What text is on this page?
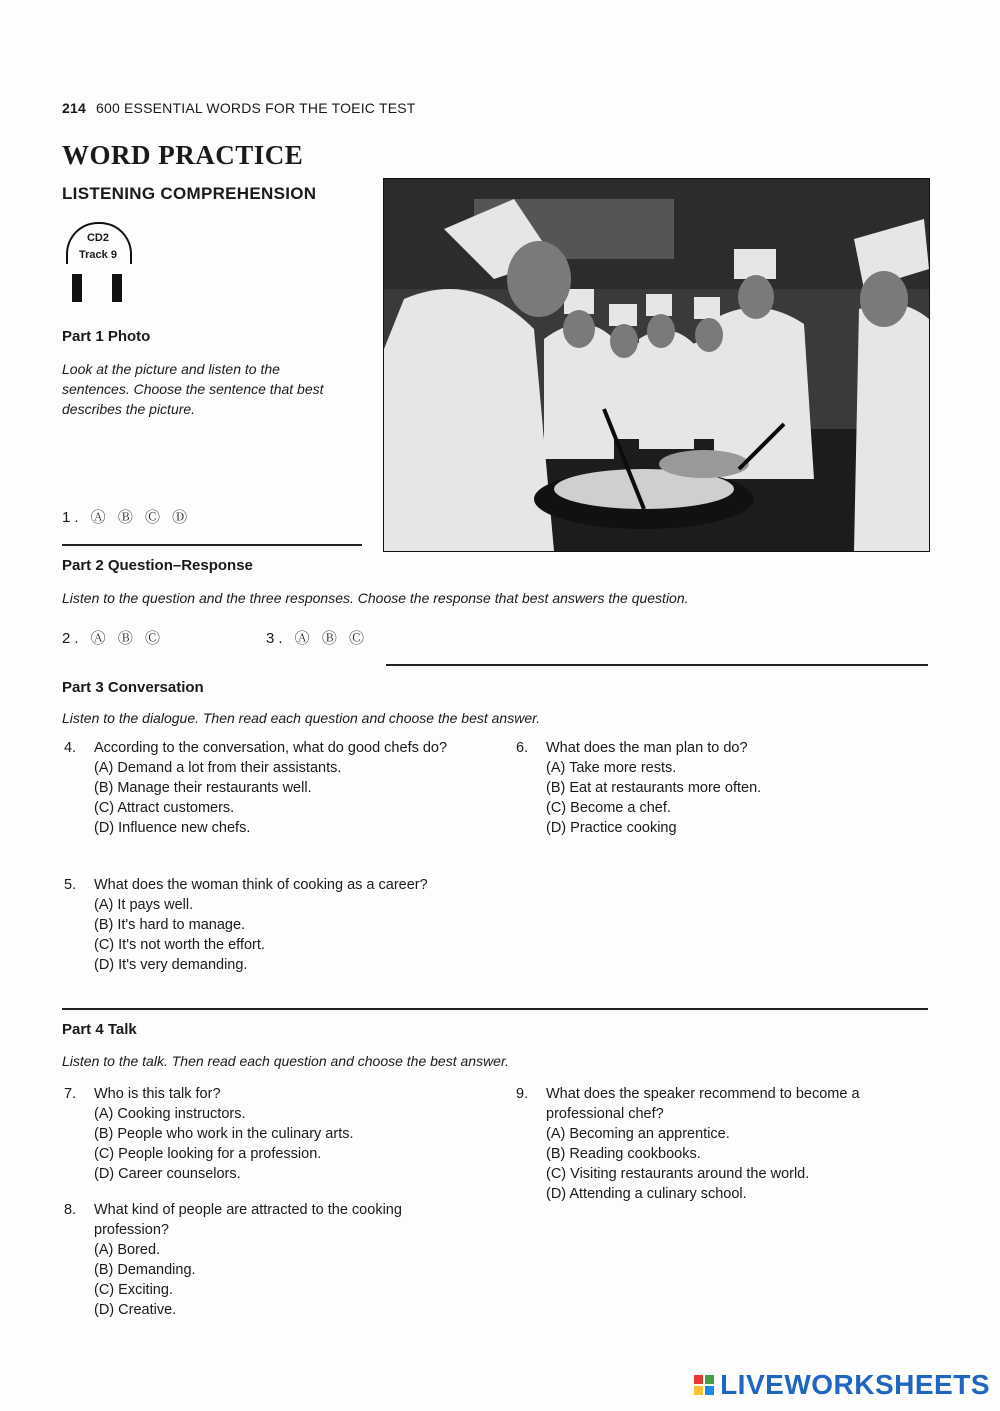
214 600 ESSENTIAL WORDS FOR THE TOEIC TEST
WORD PRACTICE
LISTENING COMPREHENSION
CD2
Track 9
Part 1 Photo
Look at the picture and listen to the sentences. Choose the sentence that best describes the picture.
1. Ⓐ Ⓑ Ⓒ Ⓓ
Part 2 Question–Response
Listen to the question and the three responses. Choose the response that best answers the question.
2. Ⓐ Ⓑ Ⓒ	3. Ⓐ Ⓑ Ⓒ
Part 3 Conversation
Listen to the dialogue. Then read each question and choose the best answer.
4. According to the conversation, what do good chefs do?
(A) Demand a lot from their assistants.
(B) Manage their restaurants well.
(C) Attract customers.
(D) Influence new chefs.
5. What does the woman think of cooking as a career?
(A) It pays well.
(B) It's hard to manage.
(C) It's not worth the effort.
(D) It's very demanding.
6. What does the man plan to do?
(A) Take more rests.
(B) Eat at restaurants more often.
(C) Become a chef.
(D) Practice cooking
Part 4 Talk
Listen to the talk. Then read each question and choose the best answer.
7. Who is this talk for?
(A) Cooking instructors.
(B) People who work in the culinary arts.
(C) People looking for a profession.
(D) Career counselors.
8. What kind of people are attracted to the cooking profession?
(A) Bored.
(B) Demanding.
(C) Exciting.
(D) Creative.
9. What does the speaker recommend to become a professional chef?
(A) Becoming an apprentice.
(B) Reading cookbooks.
(C) Visiting restaurants around the world.
(D) Attending a culinary school.
LIVEWORKSHEETS
